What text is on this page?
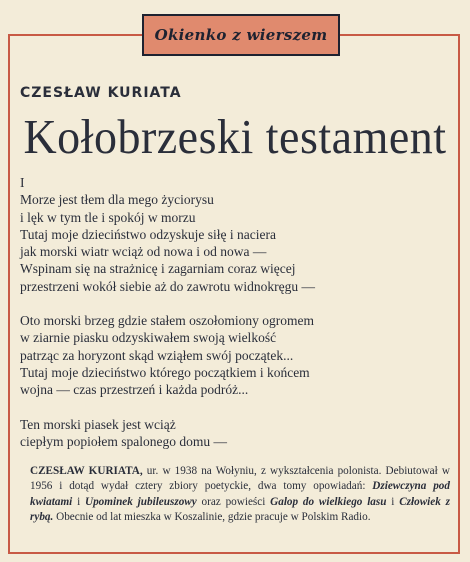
Okienko z wierszem
CZESŁAW KURIATA
Kołobrzeski testament
I
Morze jest tłem dla mego życiorysu
i lęk w tym tle i spokój w morzu
Tutaj moje dzieciństwo odzyskuje siłę i naciera
jak morski wiatr wciąż od nowa i od nowa —
Wspinam się na strażnicę i zagarniam coraz więcej
przestrzeni wokół siebie aż do zawrotu widnokręgu —
Oto morski brzeg gdzie stałem oszołomiony ogromem
w ziarnie piasku odzyskiwałem swoją wielkość
patrząc za horyzont skąd wziąłem swój początek...
Tutaj moje dzieciństwo którego początkiem i końcem
wojna — czas przestrzeń i każda podróż...
Ten morski piasek jest wciąż
ciepłym popiołem spalonego domu —
CZESŁAW KURIATA, ur. w 1938 na Wołyniu, z wykształcenia polonista. Debiutował w 1956 i dotąd wydał cztery zbiory poetyckie, dwa tomy opowiadań: Dziewczyna pod kwiatami i Upominek jubileuszowy oraz powieści Galop do wielkiego lasu i Człowiek z rybą. Obecnie od lat mieszka w Koszalinie, gdzie pracuje w Polskim Radio.
